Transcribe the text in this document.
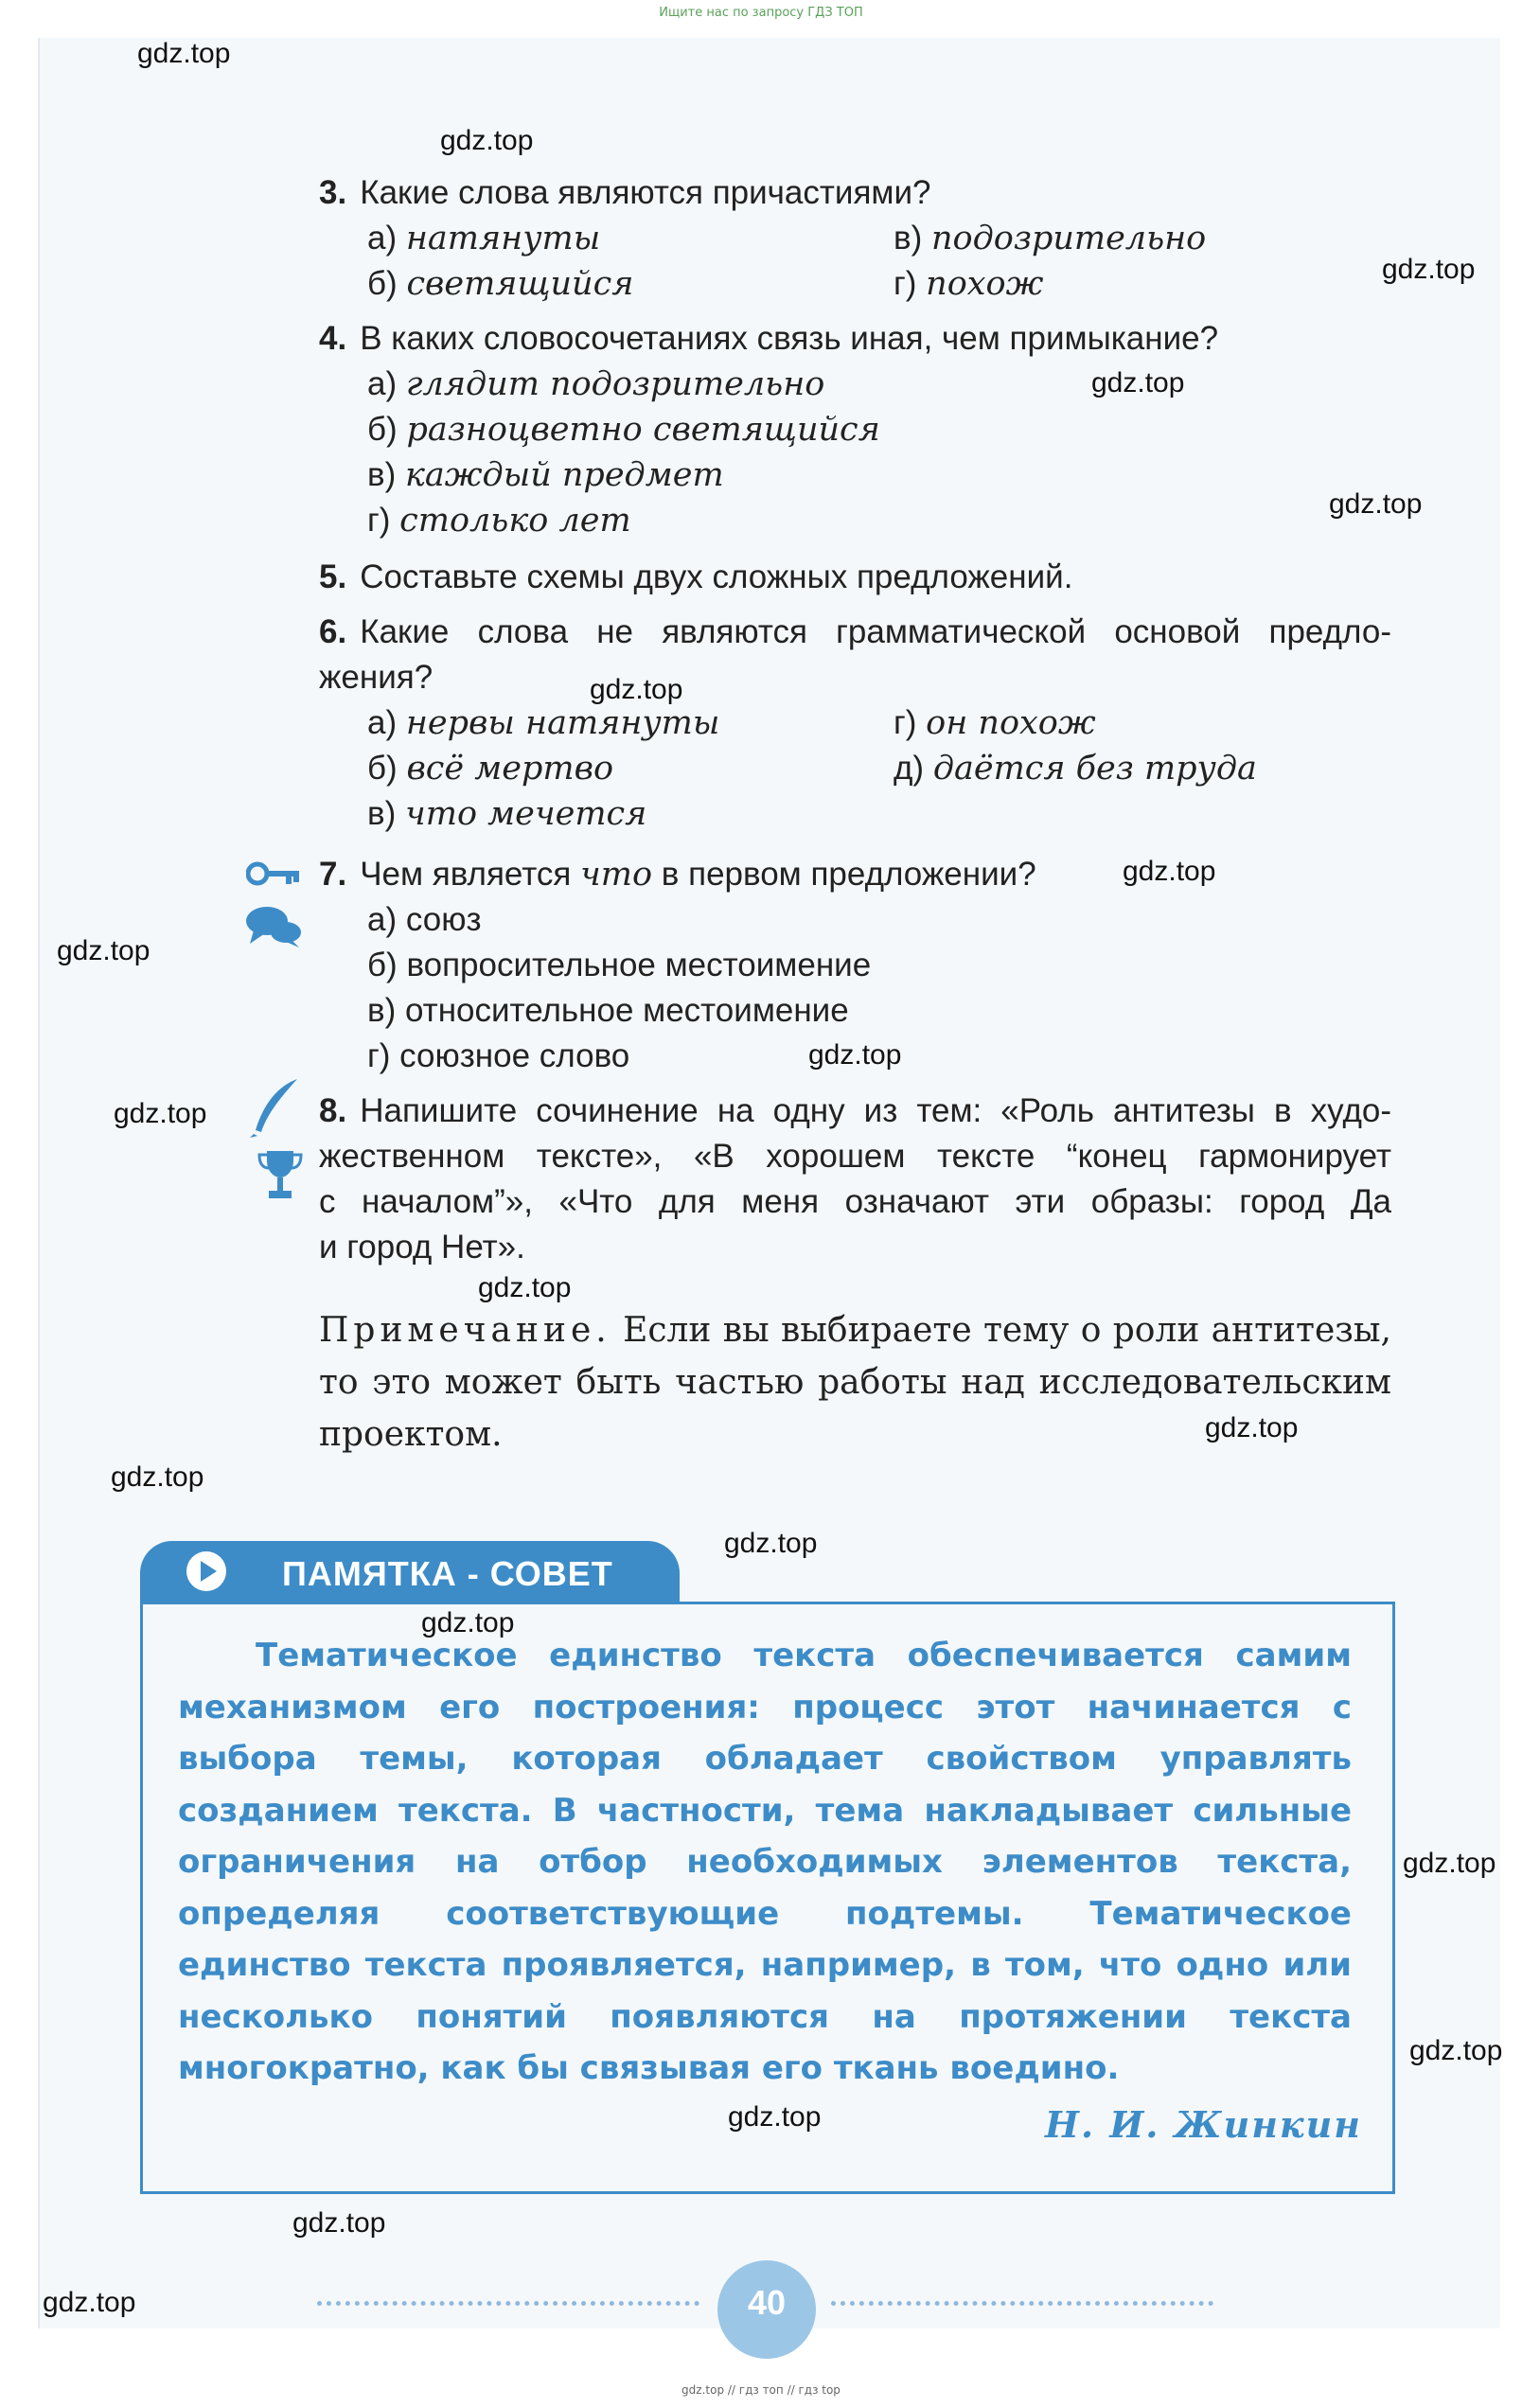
Ищите нас по запросу ГДЗ ТОП
3. Какие слова являются причастиями?
а) натянуты
б) светящийся
в) подозрительно
г) похож
4. В каких словосочетаниях связь иная, чем примыкание?
а) глядит подозрительно
б) разноцветно светящийся
в) каждый предмет
г) столько лет
5. Составьте схемы двух сложных предложений.
6. Какие слова не являются грамматической основой предло-
жения?
а) нервы натянуты
б) всё мертво
в) что мечется
г) он похож
д) даётся без труда
7. Чем является что в первом предложении?
а) союз
б) вопросительное местоимение
в) относительное местоимение
г) союзное слово
8. Напишите сочинение на одну из тем: «Роль антитезы в худо-
жественном тексте», «В хорошем тексте “конец гармонирует
с началом”», «Что для меня означают эти образы: город Да
и город Нет».
Примечание. Если вы выбираете тему о роли антитезы, то это может быть частью работы над исследовательским проектом.
ПАМЯТКА - СОВЕТ
Тематическое единство текста обеспечивается самим механизмом его построения: процесс этот начинается с выбора темы, которая обладает свойством управлять созданием текста. В частности, тема накладывает сильные ограничения на отбор необходимых элементов текста, определяя соответствующие подтемы. Тематическое единство текста проявляется, например, в том, что одно или несколько понятий появляются на протяжении текста многократно, как бы связывая его ткань воедино.
Н. И. Жинкин
40
gdz.top
gdz.top
gdz.top
gdz.top
gdz.top
gdz.top
gdz.top
gdz.top
gdz.top
gdz.top
gdz.top
gdz.top
gdz.top
gdz.top
gdz.top
gdz.top
gdz.top
gdz.top
gdz.top
gdz.top
gdz.top // гдз топ // гдз top
